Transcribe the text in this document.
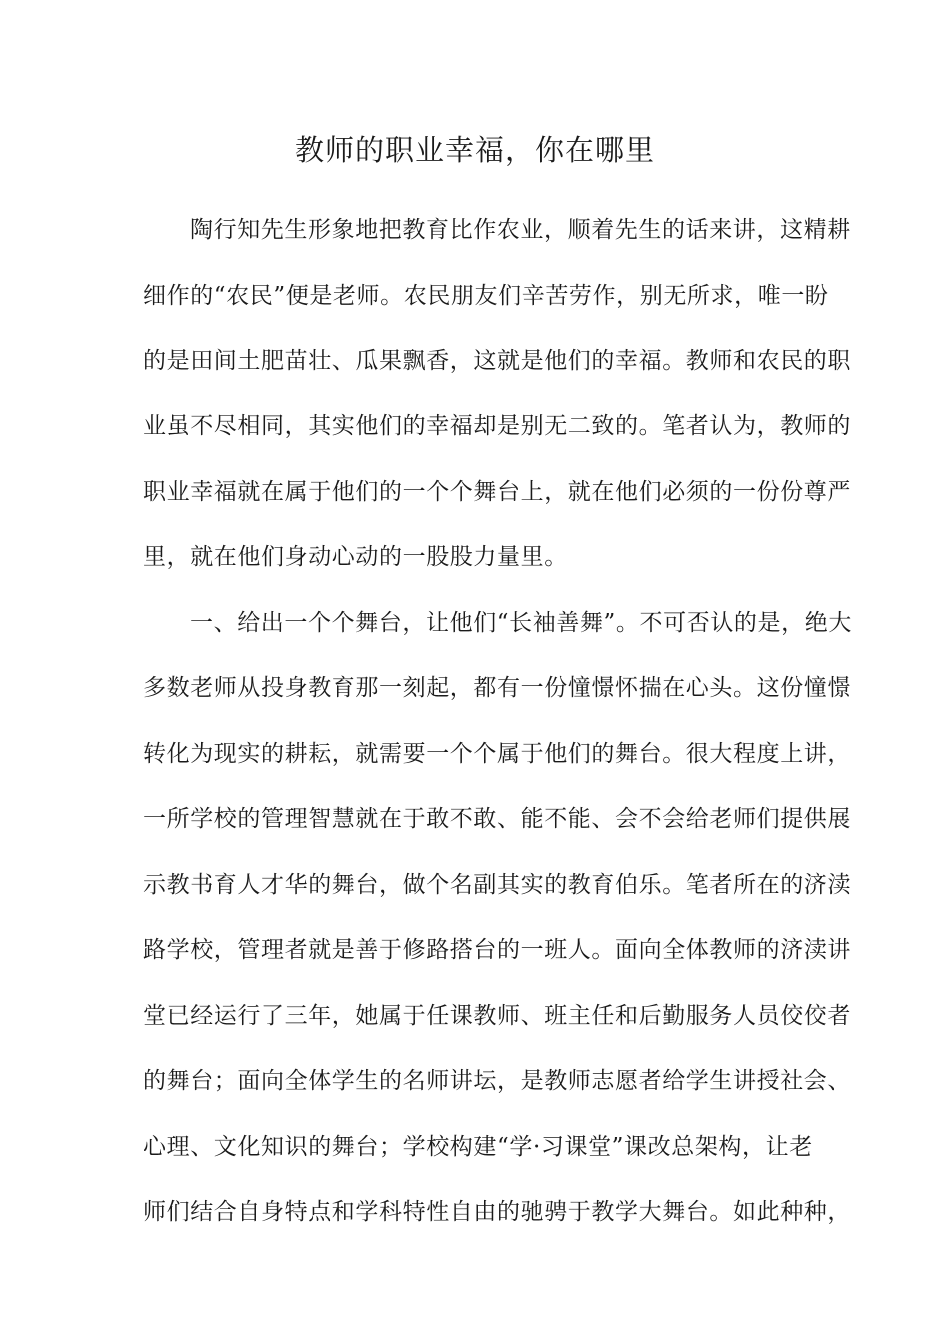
教师的职业幸福，你在哪里
陶行知先生形象地把教育比作农业，顺着先生的话来讲，这精耕
细作的“农民”便是老师。农民朋友们辛苦劳作，别无所求，唯一盼
的是田间土肥苗壮、瓜果飘香，这就是他们的幸福。教师和农民的职
业虽不尽相同，其实他们的幸福却是别无二致的。笔者认为，教师的
职业幸福就在属于他们的一个个舞台上，就在他们必须的一份份尊严
里，就在他们身动心动的一股股力量里。
一、给出一个个舞台，让他们“长袖善舞”。不可否认的是，绝大
多数老师从投身教育那一刻起，都有一份憧憬怀揣在心头。这份憧憬
转化为现实的耕耘，就需要一个个属于他们的舞台。很大程度上讲，
一所学校的管理智慧就在于敢不敢、能不能、会不会给老师们提供展
示教书育人才华的舞台，做个名副其实的教育伯乐。笔者所在的济渎
路学校，管理者就是善于修路搭台的一班人。面向全体教师的济渎讲
堂已经运行了三年，她属于任课教师、班主任和后勤服务人员佼佼者
的舞台；面向全体学生的名师讲坛，是教师志愿者给学生讲授社会、
心理、文化知识的舞台；学校构建“学·习课堂”课改总架构，让老
师们结合自身特点和学科特性自由的驰骋于教学大舞台。如此种种，
